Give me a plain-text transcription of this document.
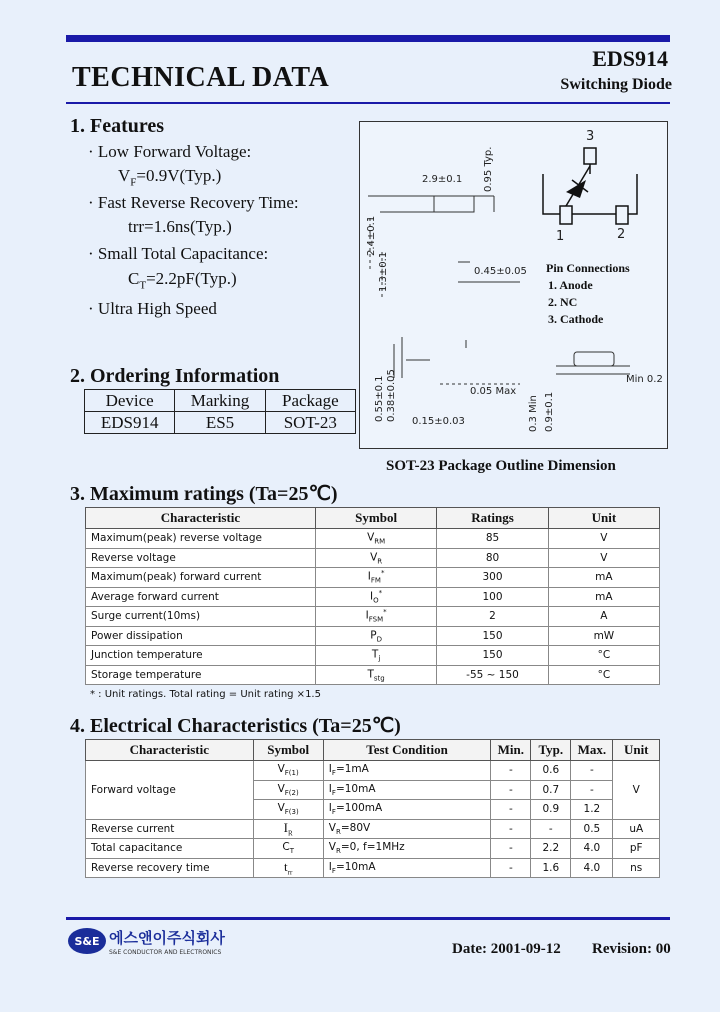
TECHNICAL DATA
EDS914
Switching Diode
1. Features
· Low Forward Voltage:
$V_F=0.9V(Typ.)$
· Fast Reverse Recovery Time:
trr=1.6ns(Typ.)
· Small Total Capacitance:
$C_T=2.2pF(Typ.)$
· Ultra High Speed
2. Ordering Information
Device	Marking	Package
EDS914	ES5	SOT-23
2.9±0.1 0.95 Typ.
2.4±0.1
1.3±0.1	0.45±0.05
0.55±0.1 0.38±0.05 0.15±0.03
0.05 Max
0.3 Min 0.9±0.1
Min 0.2
3
1	2
Pin Connections
1. Anode
2. NC
3. Cathode
SOT-23 Package Outline Dimension
3. Maximum ratings (Ta=25℃)
Characteristic	Symbol	Ratings	Unit
Maximum(peak) reverse voltage	$V_{RM}$	85	V
Reverse voltage	$V_R$	80	V
Maximum(peak) forward current	$I_{FM}^*$	300	mA
Average forward current	$I_O^*$	100	mA
Surge current(10ms)	$I_{FSM}^*$	2	A
Power dissipation	$P_D$	150	mW
Junction temperature	$T_j$	150	°C
Storage temperature	$T_{stg}$	-55 ~ 150	°C
* : Unit ratings. Total rating = Unit rating ×1.5
4. Electrical Characteristics (Ta=25℃)
Characteristic	Symbol	Test Condition	Min.	Typ.	Max.	Unit
Forward voltage	$V_{F(1)}$	$I_F=1mA$	-	0.6	-	V
	$V_{F(2)}$	$I_F=10mA$	-	0.7	-	
	$V_{F(3)}$	$I_F=100mA$	-	0.9	1.2	
Reverse current	$I_R$	$V_R=80V$	-	-	0.5	uA
Total capacitance	$C_T$	$V_R=0$, f=1MHz	-	2.2	4.0	pF
Reverse recovery time	$t_{rr}$	$I_F=10mA$	-	1.6	4.0	ns
S&E 에스앤이주식회사
S&E CONDUCTOR AND ELECTRONICS	Date: 2001-09-12 Revision: 00
